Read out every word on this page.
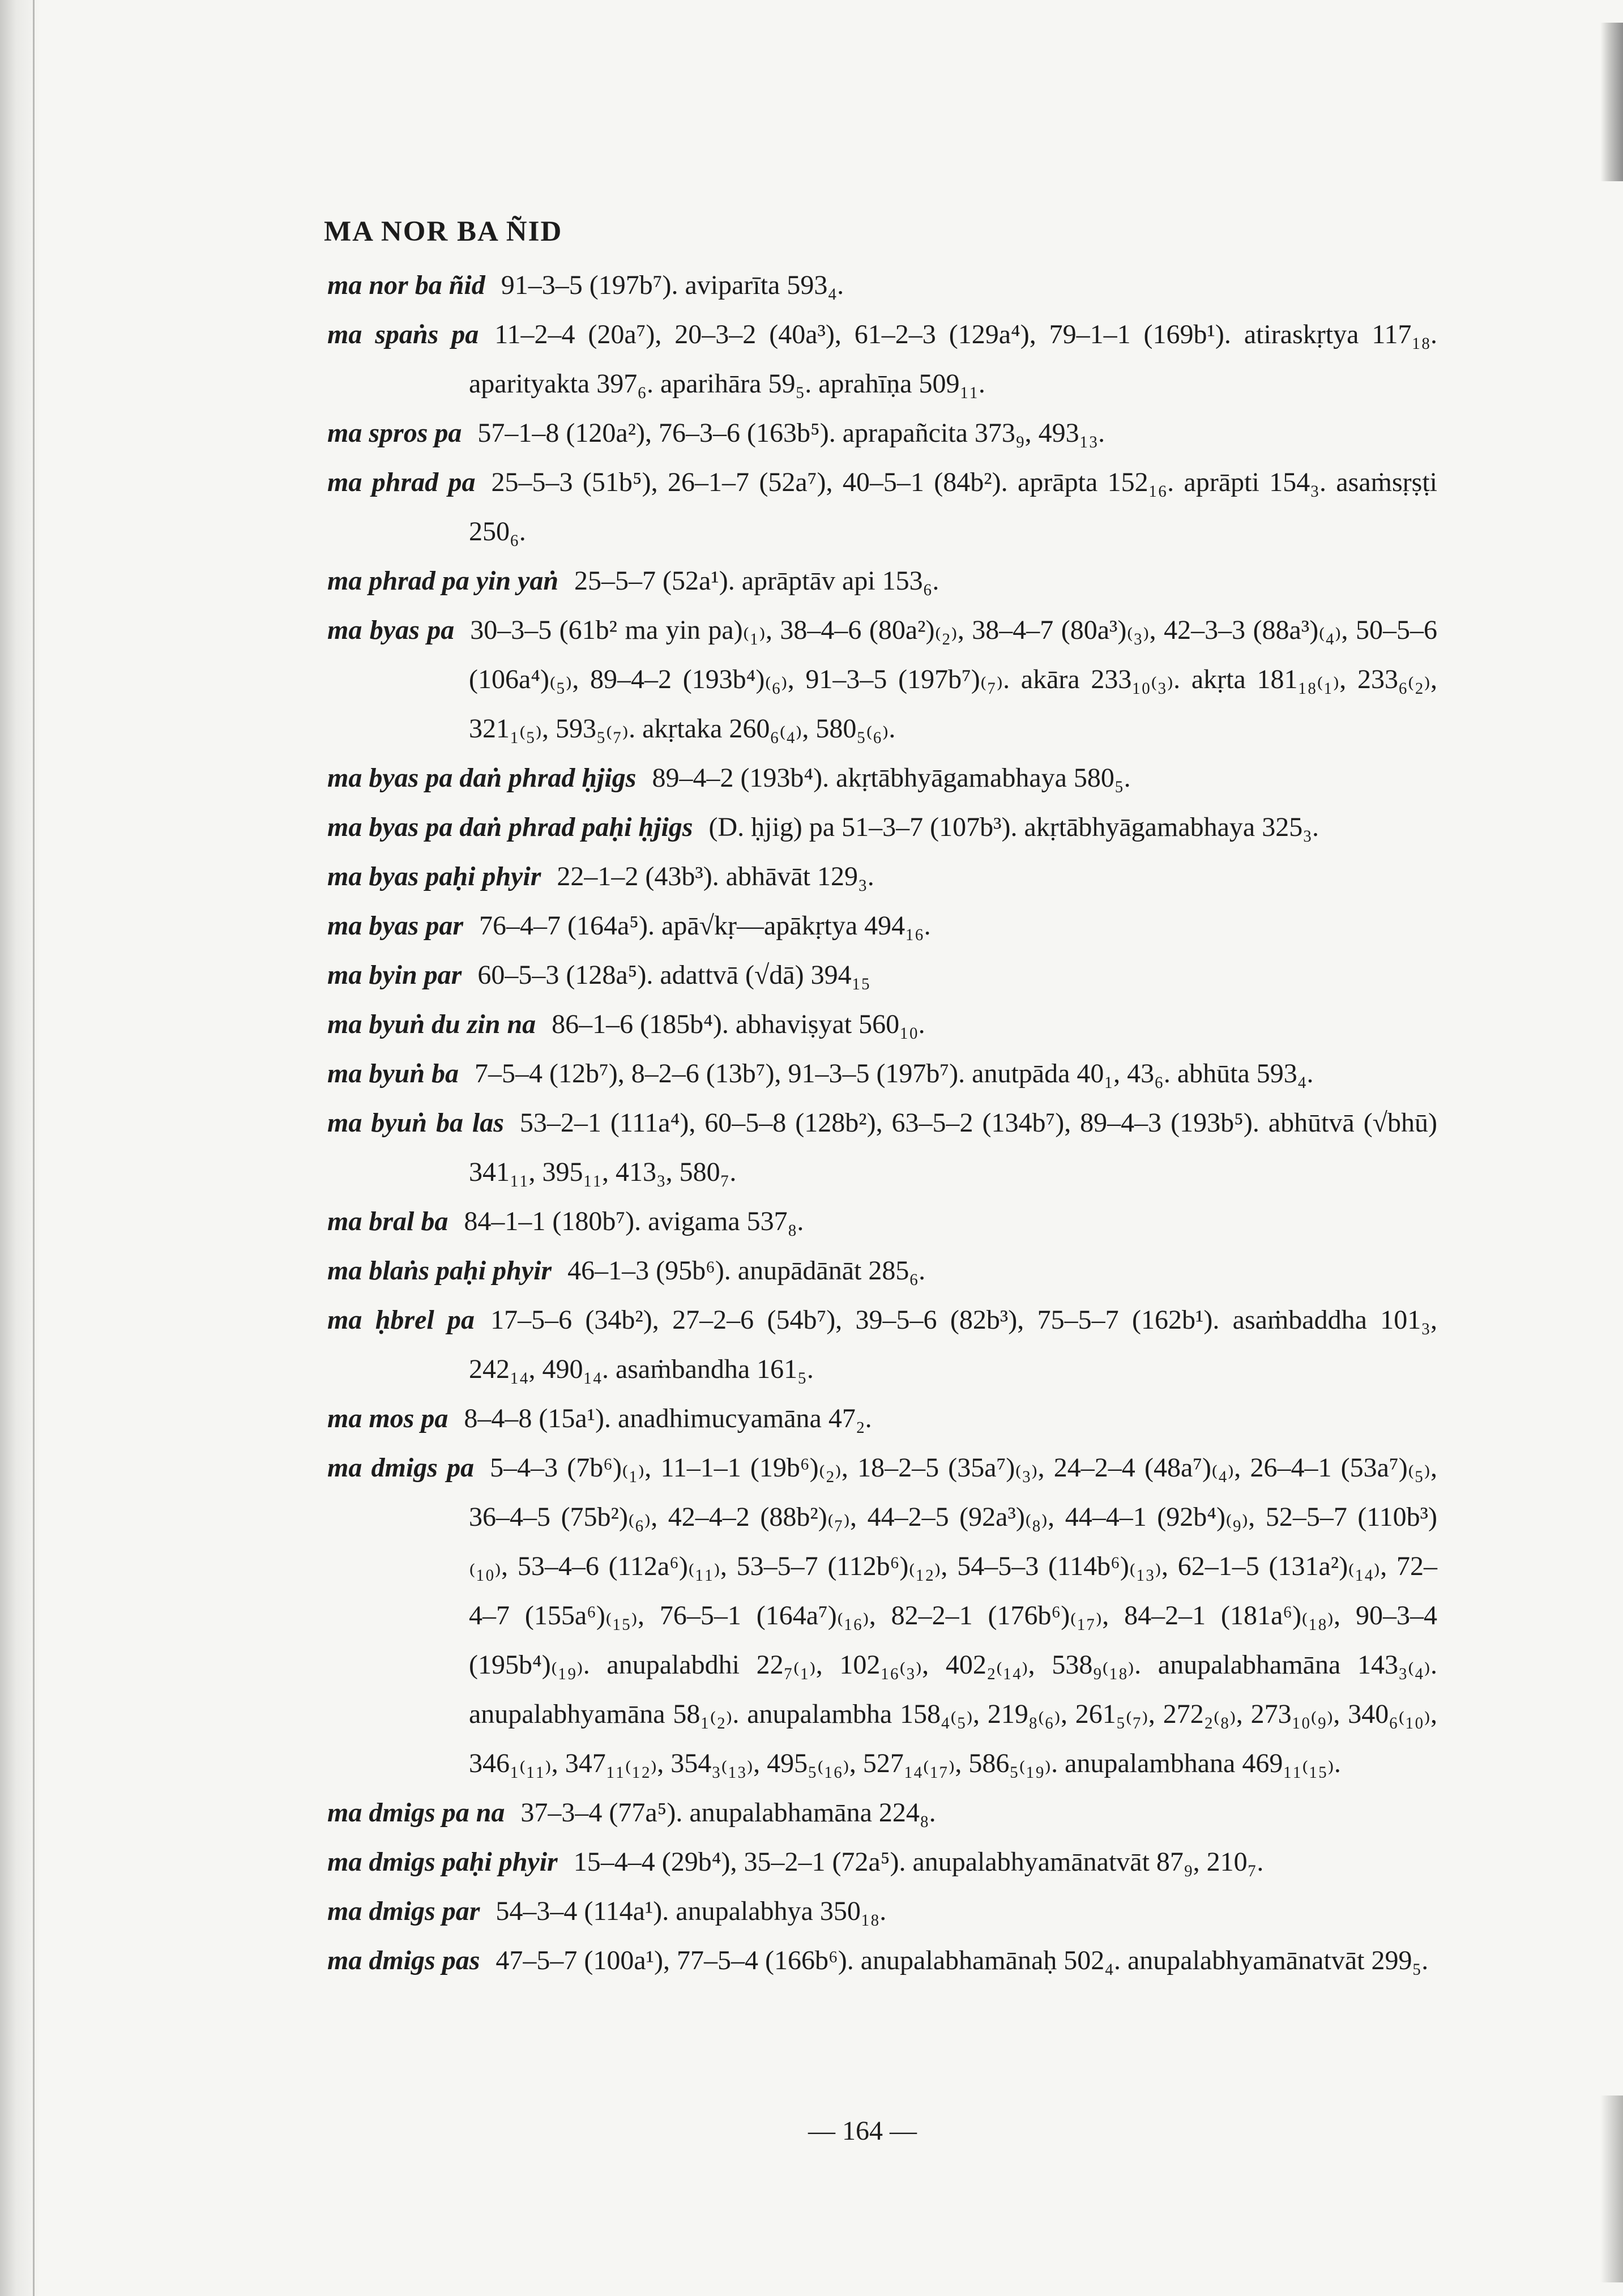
MA NOR BA ÑID
ma nor ba ñid 91–3–5 (197b⁷). aviparīta 593₄.
ma spaṅs pa 11–2–4 (20a⁷), 20–3–2 (40a³), 61–2–3 (129a⁴), 79–1–1 (169b¹). atiraskṛtya 117₁₈. aparityakta 397₆. aparihāra 59₅. aprahīṇa 509₁₁.
ma spros pa 57–1–8 (120a²), 76–3–6 (163b⁵). aprapañcita 373₉, 493₁₃.
ma phrad pa 25–5–3 (51b⁵), 26–1–7 (52a⁷), 40–5–1 (84b²). aprāpta 152₁₆. aprāpti 154₃. asaṁsṛṣṭi 250₆.
ma phrad pa yin yaṅ 25–5–7 (52a¹). aprāptāv api 153₆.
ma byas pa 30–3–5 (61b² ma yin pa)₍₁₎, 38–4–6 (80a²)₍₂₎, 38–4–7 (80a³)₍₃₎, 42–3–3 (88a³)₍₄₎, 50–5–6 (106a⁴)₍₅₎, 89–4–2 (193b⁴)₍₆₎, 91–3–5 (197b⁷)₍₇₎. akāra 233₁₀₍₃₎. akṛta 181₁₈₍₁₎, 233₆₍₂₎, 321₁₍₅₎, 593₅₍₇₎. akṛtaka 260₆₍₄₎, 580₅₍₆₎.
ma byas pa daṅ phrad ḥjigs 89–4–2 (193b⁴). akṛtābhyāgamabhaya 580₅.
ma byas pa daṅ phrad paḥi ḥjigs (D. ḥjig) pa 51–3–7 (107b³). akṛtābhyāgamabhaya 325₃.
ma byas paḥi phyir 22–1–2 (43b³). abhāvāt 129₃.
ma byas par 76–4–7 (164a⁵). apā√kṛ—apākṛtya 494₁₆.
ma byin par 60–5–3 (128a⁵). adattvā (√dā) 394₁₅
ma byuṅ du zin na 86–1–6 (185b⁴). abhaviṣyat 560₁₀.
ma byuṅ ba 7–5–4 (12b⁷), 8–2–6 (13b⁷), 91–3–5 (197b⁷). anutpāda 40₁, 43₆. abhūta 593₄.
ma byuṅ ba las 53–2–1 (111a⁴), 60–5–8 (128b²), 63–5–2 (134b⁷), 89–4–3 (193b⁵). abhūtvā (√bhū) 341₁₁, 395₁₁, 413₃, 580₇.
ma bral ba 84–1–1 (180b⁷). avigama 537₈.
ma blaṅs paḥi phyir 46–1–3 (95b⁶). anupādānāt 285₆.
ma ḥbrel pa 17–5–6 (34b²), 27–2–6 (54b⁷), 39–5–6 (82b³), 75–5–7 (162b¹). asaṁbaddha 101₃, 242₁₄, 490₁₄. asaṁbandha 161₅.
ma mos pa 8–4–8 (15a¹). anadhimucyamāna 47₂.
ma dmigs pa 5–4–3 (7b⁶)₍₁₎, 11–1–1 (19b⁶)₍₂₎, 18–2–5 (35a⁷)₍₃₎, 24–2–4 (48a⁷)₍₄₎, 26–4–1 (53a⁷)₍₅₎, 36–4–5 (75b²)₍₆₎, 42–4–2 (88b²)₍₇₎, 44–2–5 (92a³)₍₈₎, 44–4–1 (92b⁴)₍₉₎, 52–5–7 (110b³)₍₁₀₎, 53–4–6 (112a⁶)₍₁₁₎, 53–5–7 (112b⁶)₍₁₂₎, 54–5–3 (114b⁶)₍₁₃₎, 62–1–5 (131a²)₍₁₄₎, 72–4–7 (155a⁶)₍₁₅₎, 76–5–1 (164a⁷)₍₁₆₎, 82–2–1 (176b⁶)₍₁₇₎, 84–2–1 (181a⁶)₍₁₈₎, 90–3–4 (195b⁴)₍₁₉₎. anupalabdhi 22₇₍₁₎, 102₁₆₍₃₎, 402₂₍₁₄₎, 538₉₍₁₈₎. anupalabhamāna 143₃₍₄₎. anupalabhyamāna 58₁₍₂₎. anupalambha 158₄₍₅₎, 219₈₍₆₎, 261₅₍₇₎, 272₂₍₈₎, 273₁₀₍₉₎, 340₆₍₁₀₎, 346₁₍₁₁₎, 347₁₁₍₁₂₎, 354₃₍₁₃₎, 495₅₍₁₆₎, 527₁₄₍₁₇₎, 586₅₍₁₉₎. anupalambhana 469₁₁₍₁₅₎.
ma dmigs pa na 37–3–4 (77a⁵). anupalabhamāna 224₈.
ma dmigs paḥi phyir 15–4–4 (29b⁴), 35–2–1 (72a⁵). anupalabhyamānatvāt 87₉, 210₇.
ma dmigs par 54–3–4 (114a¹). anupalabhya 350₁₈.
ma dmigs pas 47–5–7 (100a¹), 77–5–4 (166b⁶). anupalabhamānaḥ 502₄. anupalabhyamānatvāt 299₅.
— 164 —
